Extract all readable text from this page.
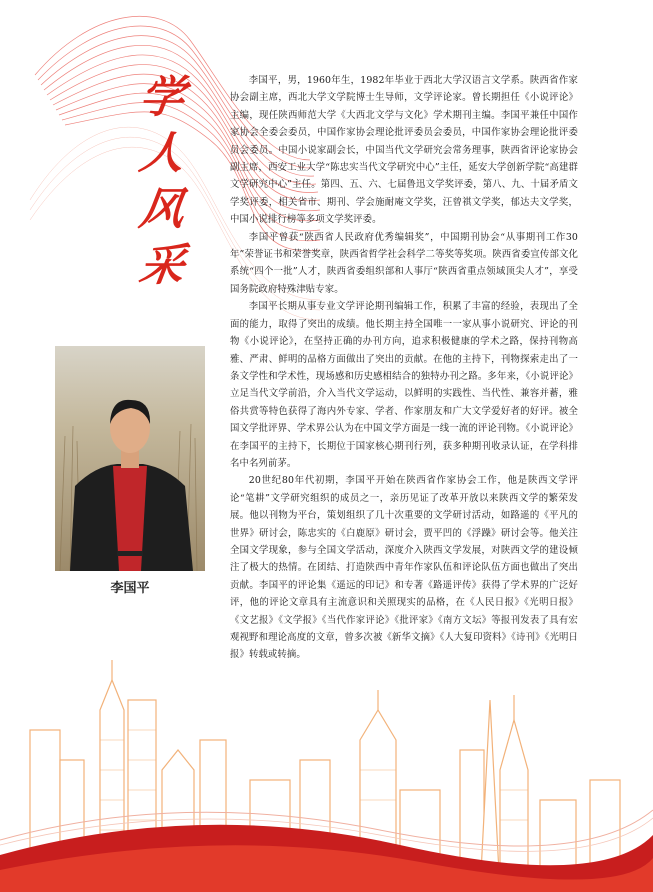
学
人
风
采
李国平

李国平，男，1960年生，1982年毕业于西北大学汉语言文学系。陕西省作家协会副主席，西北大学文学院博士生导师，文学评论家。曾长期担任《小说评论》主编，现任陕西师范大学《大西北文学与文化》学术期刊主编。李国平兼任中国作家协会全委会委员，中国作家协会理论批评委员会委员，中国作家协会理论批评委员会委员。中国小说家副会长，中国当代文学研究会常务理事，陕西省评论家协会副主席，西安工业大学“陈忠实当代文学研究中心”主任，延安大学创新学院“高建群文学研究中心”主任。第四、五、六、七届鲁迅文学奖评委，第八、九、十届矛盾文学奖评委，相关省市、期刊、学会施耐庵文学奖，汪曾祺文学奖，郁达夫文学奖，中国小说排行榜等多项文学奖评委。

李国平曾获“陕西省人民政府优秀编辑奖”，中国期刊协会“从事期刊工作30年”荣誉证书和荣誉奖章，陕西省哲学社会科学二等奖等奖项。陕西省委宣传部文化系统“四个一批”人才，陕西省委组织部和人事厅“陕西省重点领域顶尖人才”，享受国务院政府特殊津贴专家。

李国平长期从事专业文学评论期刊编辑工作，积累了丰富的经验，表现出了全面的能力，取得了突出的成绩。他长期主持全国唯一一家从事小说研究、评论的刊物《小说评论》，在坚持正确的办刊方向，追求积极健康的学术之路，保持刊物高雅、严肃、鲜明的品格方面做出了突出的贡献。在他的主持下，刊物探索走出了一条文学性和学术性，现场感和历史感相结合的独特办刊之路。多年来，《小说评论》立足当代文学前沿，介入当代文学运动，以鲜明的实践性、当代性、兼容并蓄，雅俗共赏等特色获得了海内外专家、学者、作家朋友和广大文学爱好者的好评。被全国文学批评界、学术界公认为在中国文学方面是一线一流的评论刊物。《小说评论》在李国平的主持下，长期位于国家核心期刊行列，获多种期刊收录认证，在学科排名中名列前茅。

20世纪80年代初期，李国平开始在陕西省作家协会工作，他是陕西文学评论“笔耕”文学研究组织的成员之一，亲历见证了改革开放以来陕西文学的繁荣发展。他以刊物为平台，策划组织了几十次重要的文学研讨活动，如路遥的《平凡的世界》研讨会，陈忠实的《白鹿原》研讨会，贾平凹的《浮躁》研讨会等。他关注全国文学现象，参与全国文学活动，深度介入陕西文学发展，对陕西文学的建设倾注了极大的热情。在团结、打造陕西中青年作家队伍和评论队伍方面也做出了突出贡献。李国平的评论集《遥远的印记》和专著《路遥评传》获得了学术界的广泛好评，他的评论文章具有主流意识和关照现实的品格，在《人民日报》《光明日报》《文艺报》《文学报》《当代作家评论》《批评家》《南方文坛》等报刊发表了具有宏观视野和理论高度的文章，曾多次被《新华文摘》《人大复印资料》《诗刊》《光明日报》转载或转摘。
